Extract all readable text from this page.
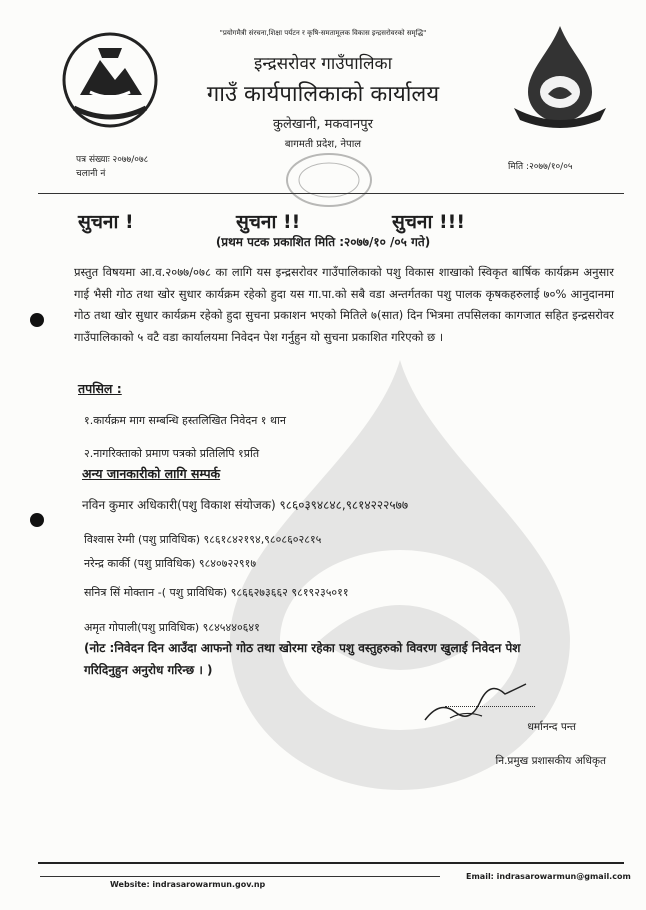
"प्रयोगमैत्री संरचना,शिक्षा पर्यटन र कृषि-समतामूलक विकास इन्द्रसरोवरको समृद्धि"
इन्द्रसरोवर गाउँपालिका
गाउँ कार्यपालिकाको कार्यालय
कुलेखानी, मकवानपुर
बागमती प्रदेश, नेपाल
पत्र संख्याः २०७७/०७८
चलानी नं
मिति :२०७७/१०/०५
सुचना !	सुचना !!	सुचना !!!
(प्रथम पटक प्रकाशित मिति :२०७७/१० /०५ गते)
प्रस्तुत विषयमा आ.व.२०७७/०७८ का लागि यस इन्द्रसरोवर गाउँपालिकाको पशु विकास शाखाको स्विकृत बार्षिक कार्यक्रम अनुसार गाई भैसी गोठ तथा खोर सुधार कार्यक्रम रहेको हुदा यस गा.पा.को सबै वडा अन्तर्गतका पशु पालक कृषकहरुलाई ७०% आनुदानमा गोठ तथा खोर सुधार कार्यक्रम रहेको हुदा सुचना प्रकाशन भएको मितिले ७(सात) दिन भित्रमा तपसिलका कागजात सहित इन्द्रसरोवर गाउँपालिकाको ५ वटै वडा कार्यालयमा निवेदन पेश गर्नुहुन यो सुचना प्रकाशित गरिएको छ ।
तपसिल :
१.कार्यक्रम माग सम्बन्धि हस्तलिखित निवेदन १ थान
२.नागरिक्ताको प्रमाण पत्रको प्रतिलिपि १प्रति
अन्य जानकारीको लागि सम्पर्क
नविन कुमार अधिकारी(पशु विकाश संयोजक) ९८६०३९४८४८,९८१४२२२५७७
विश्वास रेग्मी (पशु प्राविधिक) ९८६१८४२१९४,९८०८६०२८१५
नरेन्द्र कार्की (पशु प्राविधिक) ९८४०७२२९१७
सनित्र सिं मोक्तान -( पशु प्राविधिक) ९८६६२७३६६२ ९८१९२३५०११
अमृत गोपाली(पशु प्राविधिक) ९८४५४४०६४१
(नोट :निवेदन दिन आउँदा आफनो गोठ तथा खोरमा रहेका पशु वस्तुहरुको विवरण खुलाई निवेदन पेश गरिदिनुहुन अनुरोध गरिन्छ । )
धर्मानन्द पन्त
नि.प्रमुख प्रशासकीय अधिकृत
Email: indrasarowarmun@gmail.com
Website: indrasarowarmun.gov.np
